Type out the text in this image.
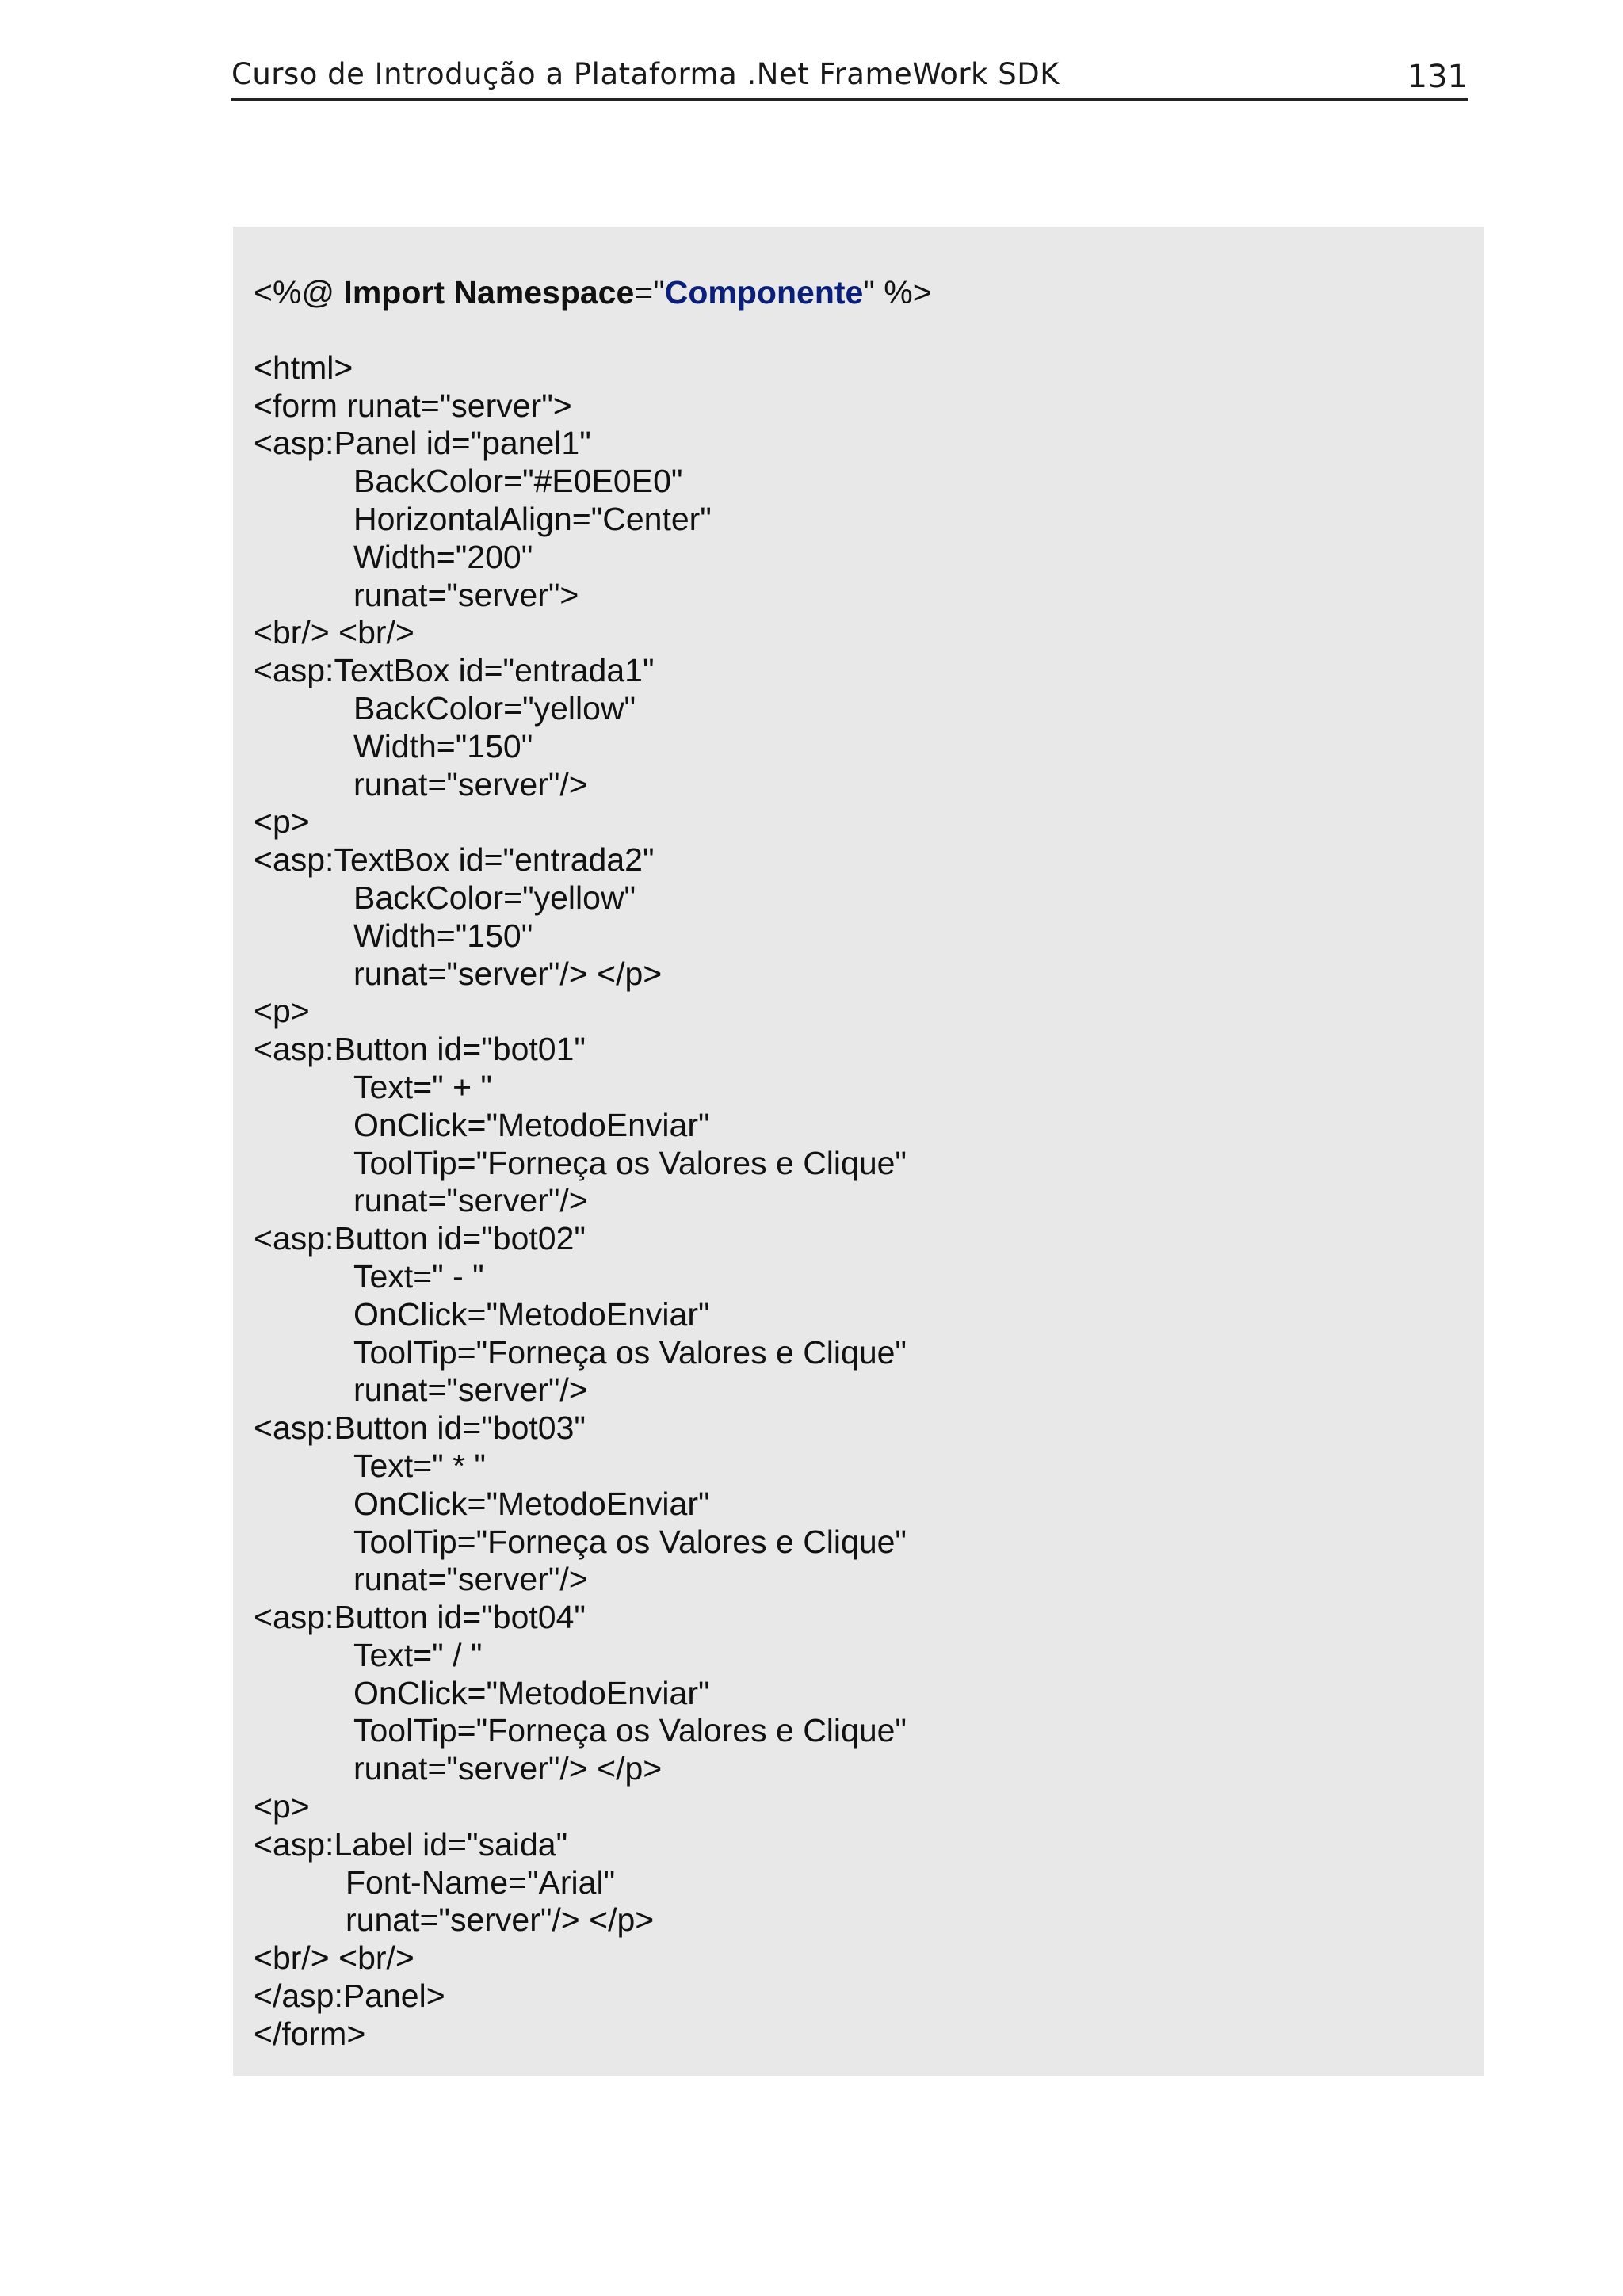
Curso de Introdução a Plataforma .Net FrameWork SDK	131
<%@ Import Namespace="Componente" %>
<html>
<form runat="server">
<asp:Panel id="panel1"
BackColor="#E0E0E0"
HorizontalAlign="Center"
Width="200"
runat="server">
<br/> <br/>
<asp:TextBox id="entrada1"
BackColor="yellow"
Width="150"
runat="server"/>
<p>
<asp:TextBox id="entrada2"
BackColor="yellow"
Width="150"
runat="server"/> </p>
<p>
<asp:Button id="bot01"
Text=" + "
OnClick="MetodoEnviar"
ToolTip="Forneça os Valores e Clique"
runat="server"/>
<asp:Button id="bot02"
Text=" - "
OnClick="MetodoEnviar"
ToolTip="Forneça os Valores e Clique"
runat="server"/>
<asp:Button id="bot03"
Text=" * "
OnClick="MetodoEnviar"
ToolTip="Forneça os Valores e Clique"
runat="server"/>
<asp:Button id="bot04"
Text=" / "
OnClick="MetodoEnviar"
ToolTip="Forneça os Valores e Clique"
runat="server"/> </p>
<p>
<asp:Label id="saida"
Font-Name="Arial"
runat="server"/> </p>
<br/> <br/>
</asp:Panel>
</form>
